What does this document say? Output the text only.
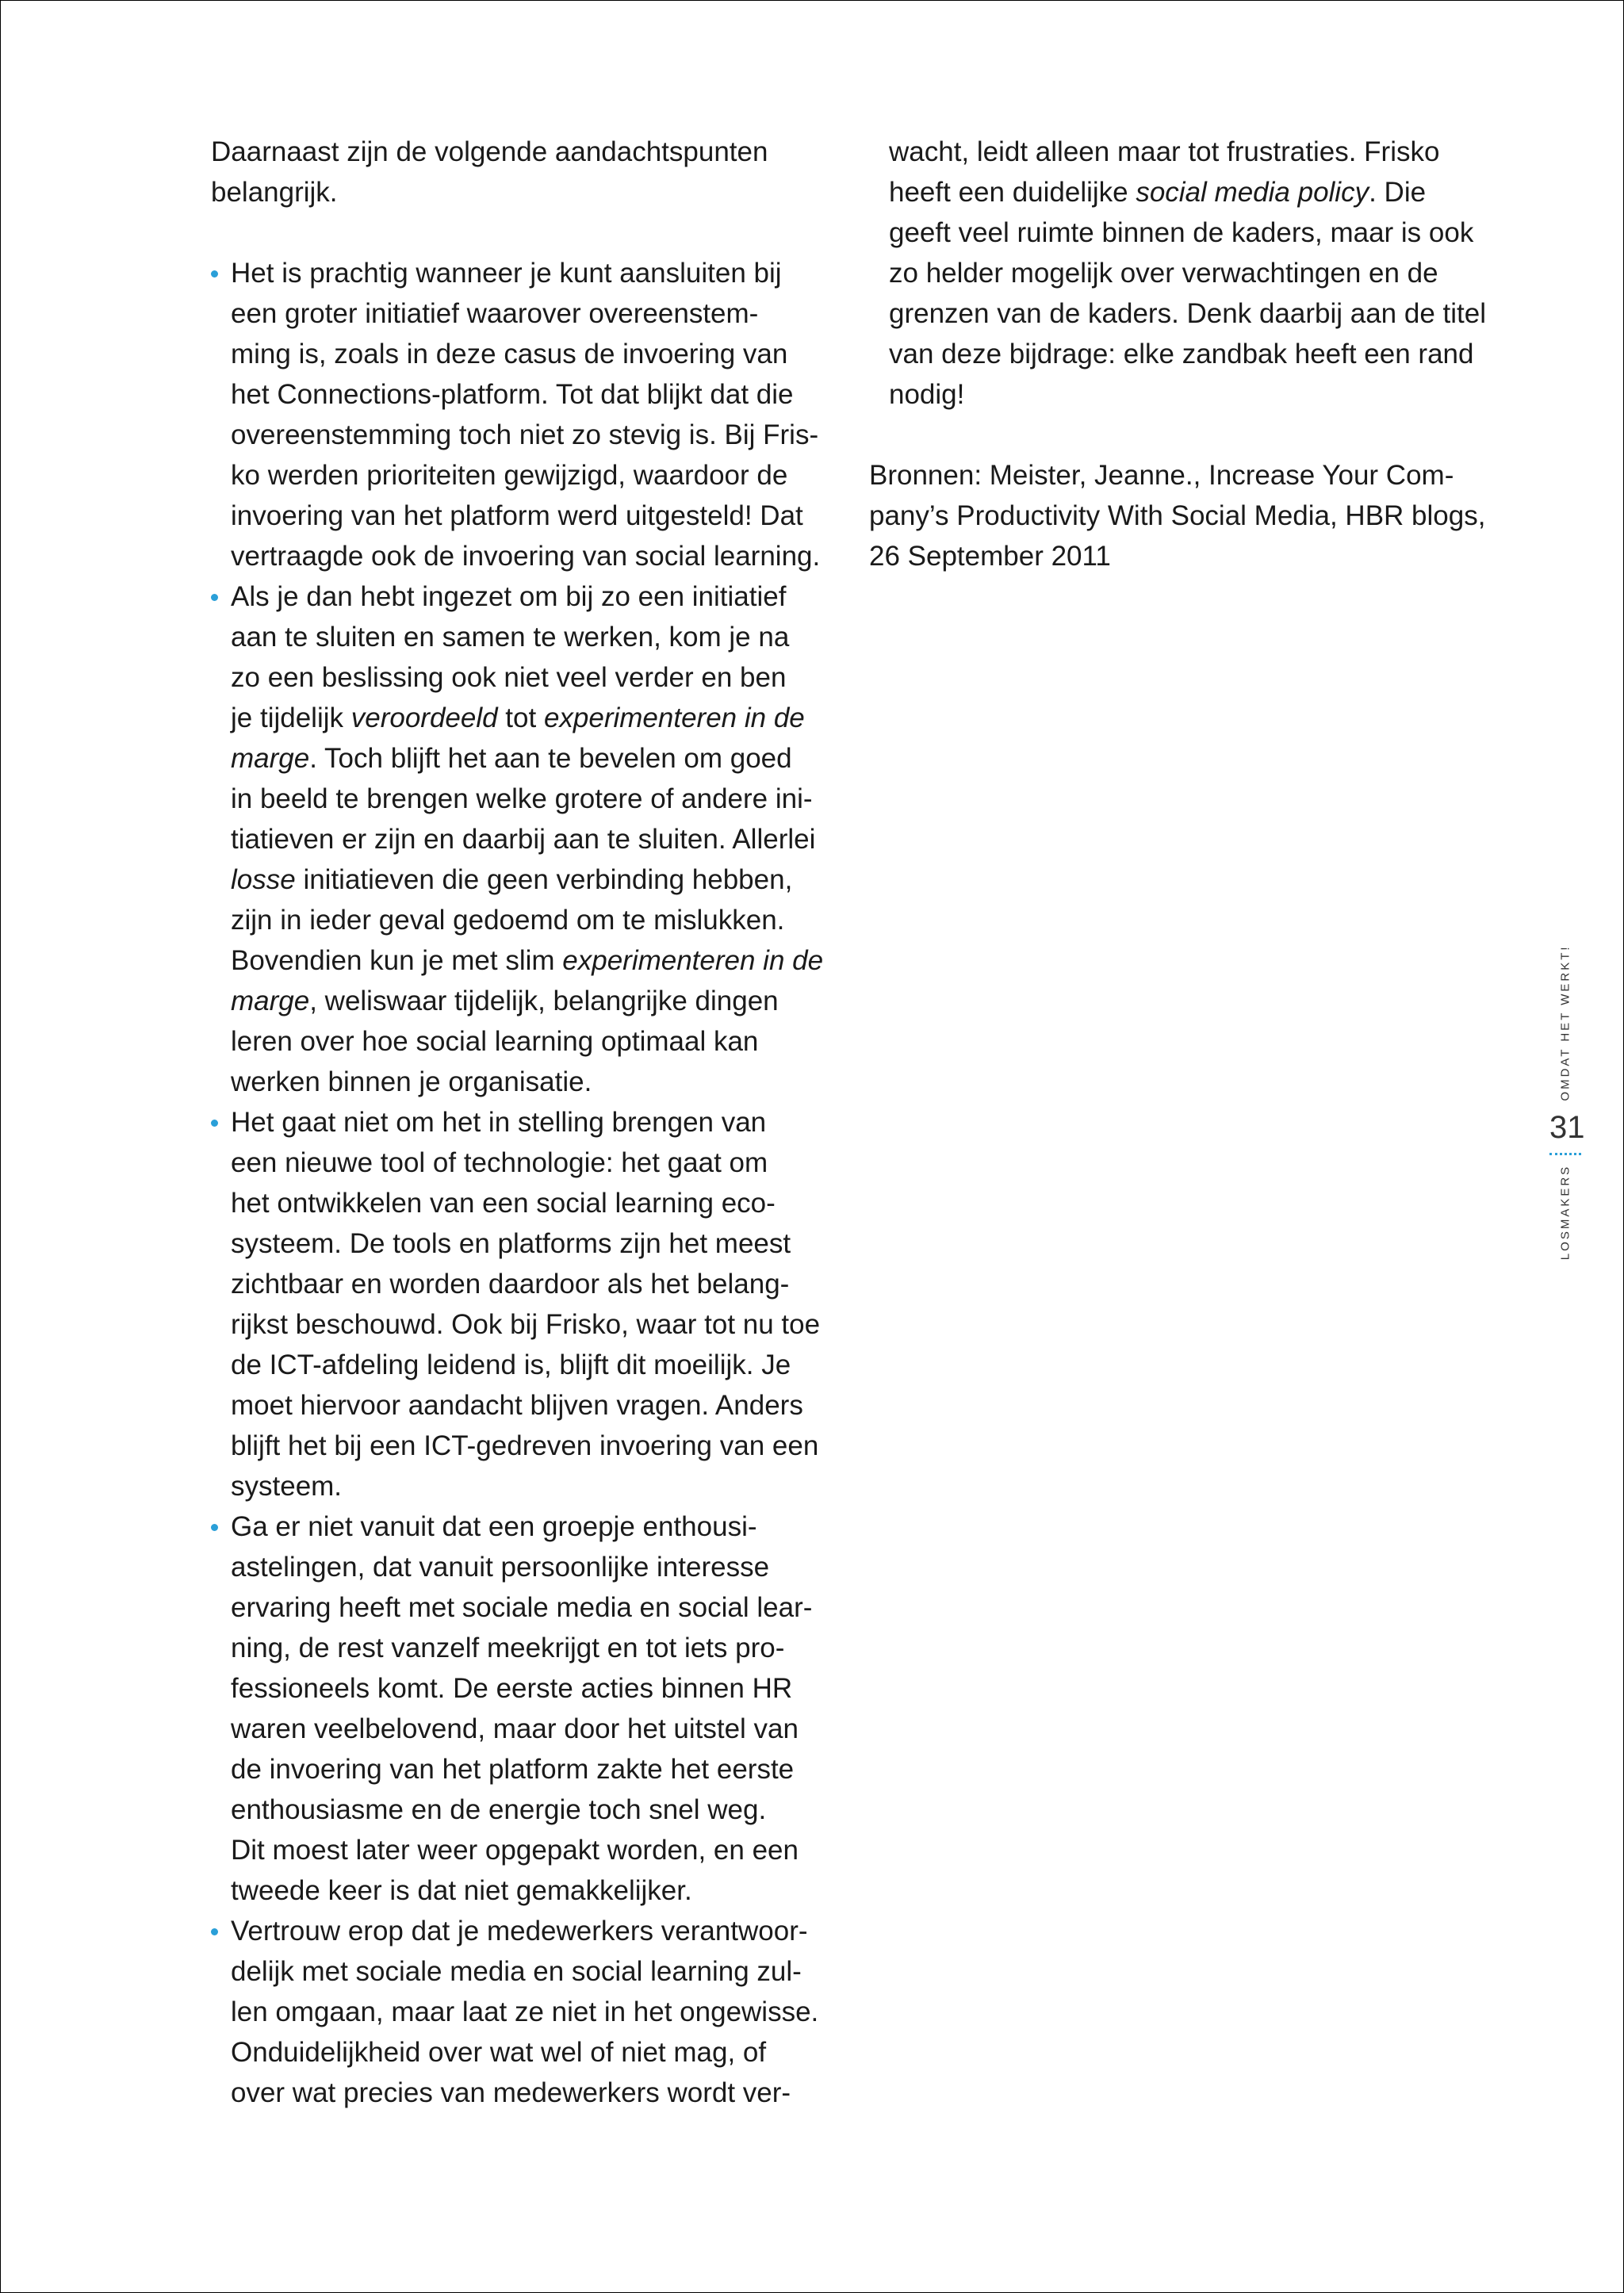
Daarnaast zijn de volgende aandachtspunten
belangrijk.

Het is prachtig wanneer je kunt aansluiten bij
een groter initiatief waarover overeenstem-
ming is, zoals in deze casus de invoering van
het Connections-platform. Tot dat blijkt dat die
overeenstemming toch niet zo stevig is. Bij Fris-
ko werden prioriteiten gewijzigd, waardoor de
invoering van het platform werd uitgesteld! Dat
vertraagde ook de invoering van social learning.
Als je dan hebt ingezet om bij zo een initiatief
aan te sluiten en samen te werken, kom je na
zo een beslissing ook niet veel verder en ben
je tijdelijk veroordeeld tot experimenteren in de
marge. Toch blijft het aan te bevelen om goed
in beeld te brengen welke grotere of andere ini-
tiatieven er zijn en daarbij aan te sluiten. Allerlei
losse initiatieven die geen verbinding hebben,
zijn in ieder geval gedoemd om te mislukken.
Bovendien kun je met slim experimenteren in de
marge, weliswaar tijdelijk, belangrijke dingen
leren over hoe social learning optimaal kan
werken binnen je organisatie.
Het gaat niet om het in stelling brengen van
een nieuwe tool of technologie: het gaat om
het ontwikkelen van een social learning eco-
systeem. De tools en platforms zijn het meest
zichtbaar en worden daardoor als het belang-
rijkst beschouwd. Ook bij Frisko, waar tot nu toe
de ICT-afdeling leidend is, blijft dit moeilijk. Je
moet hiervoor aandacht blijven vragen. Anders
blijft het bij een ICT-gedreven invoering van een
systeem.
Ga er niet vanuit dat een groepje enthousi-
astelingen, dat vanuit persoonlijke interesse
ervaring heeft met sociale media en social lear-
ning, de rest vanzelf meekrijgt en tot iets pro-
fessioneels komt. De eerste acties binnen HR
waren veelbelovend, maar door het uitstel van
de invoering van het platform zakte het eerste
enthousiasme en de energie toch snel weg.
Dit moest later weer opgepakt worden, en een
tweede keer is dat niet gemakkelijker.
Vertrouw erop dat je medewerkers verantwoor-
delijk met sociale media en social learning zul-
len omgaan, maar laat ze niet in het ongewisse.
Onduidelijkheid over wat wel of niet mag, of
over wat precies van medewerkers wordt ver-

wacht, leidt alleen maar tot frustraties. Frisko
heeft een duidelijke social media policy. Die
geeft veel ruimte binnen de kaders, maar is ook
zo helder mogelijk over verwachtingen en de
grenzen van de kaders. Denk daarbij aan de titel
van deze bijdrage: elke zandbak heeft een rand
nodig!

Bronnen: Meister, Jeanne., Increase Your Com-
pany’s Productivity With Social Media, HBR blogs,
26 September 2011

OMDAT HET WERKT!
31
LOSMAKERS
